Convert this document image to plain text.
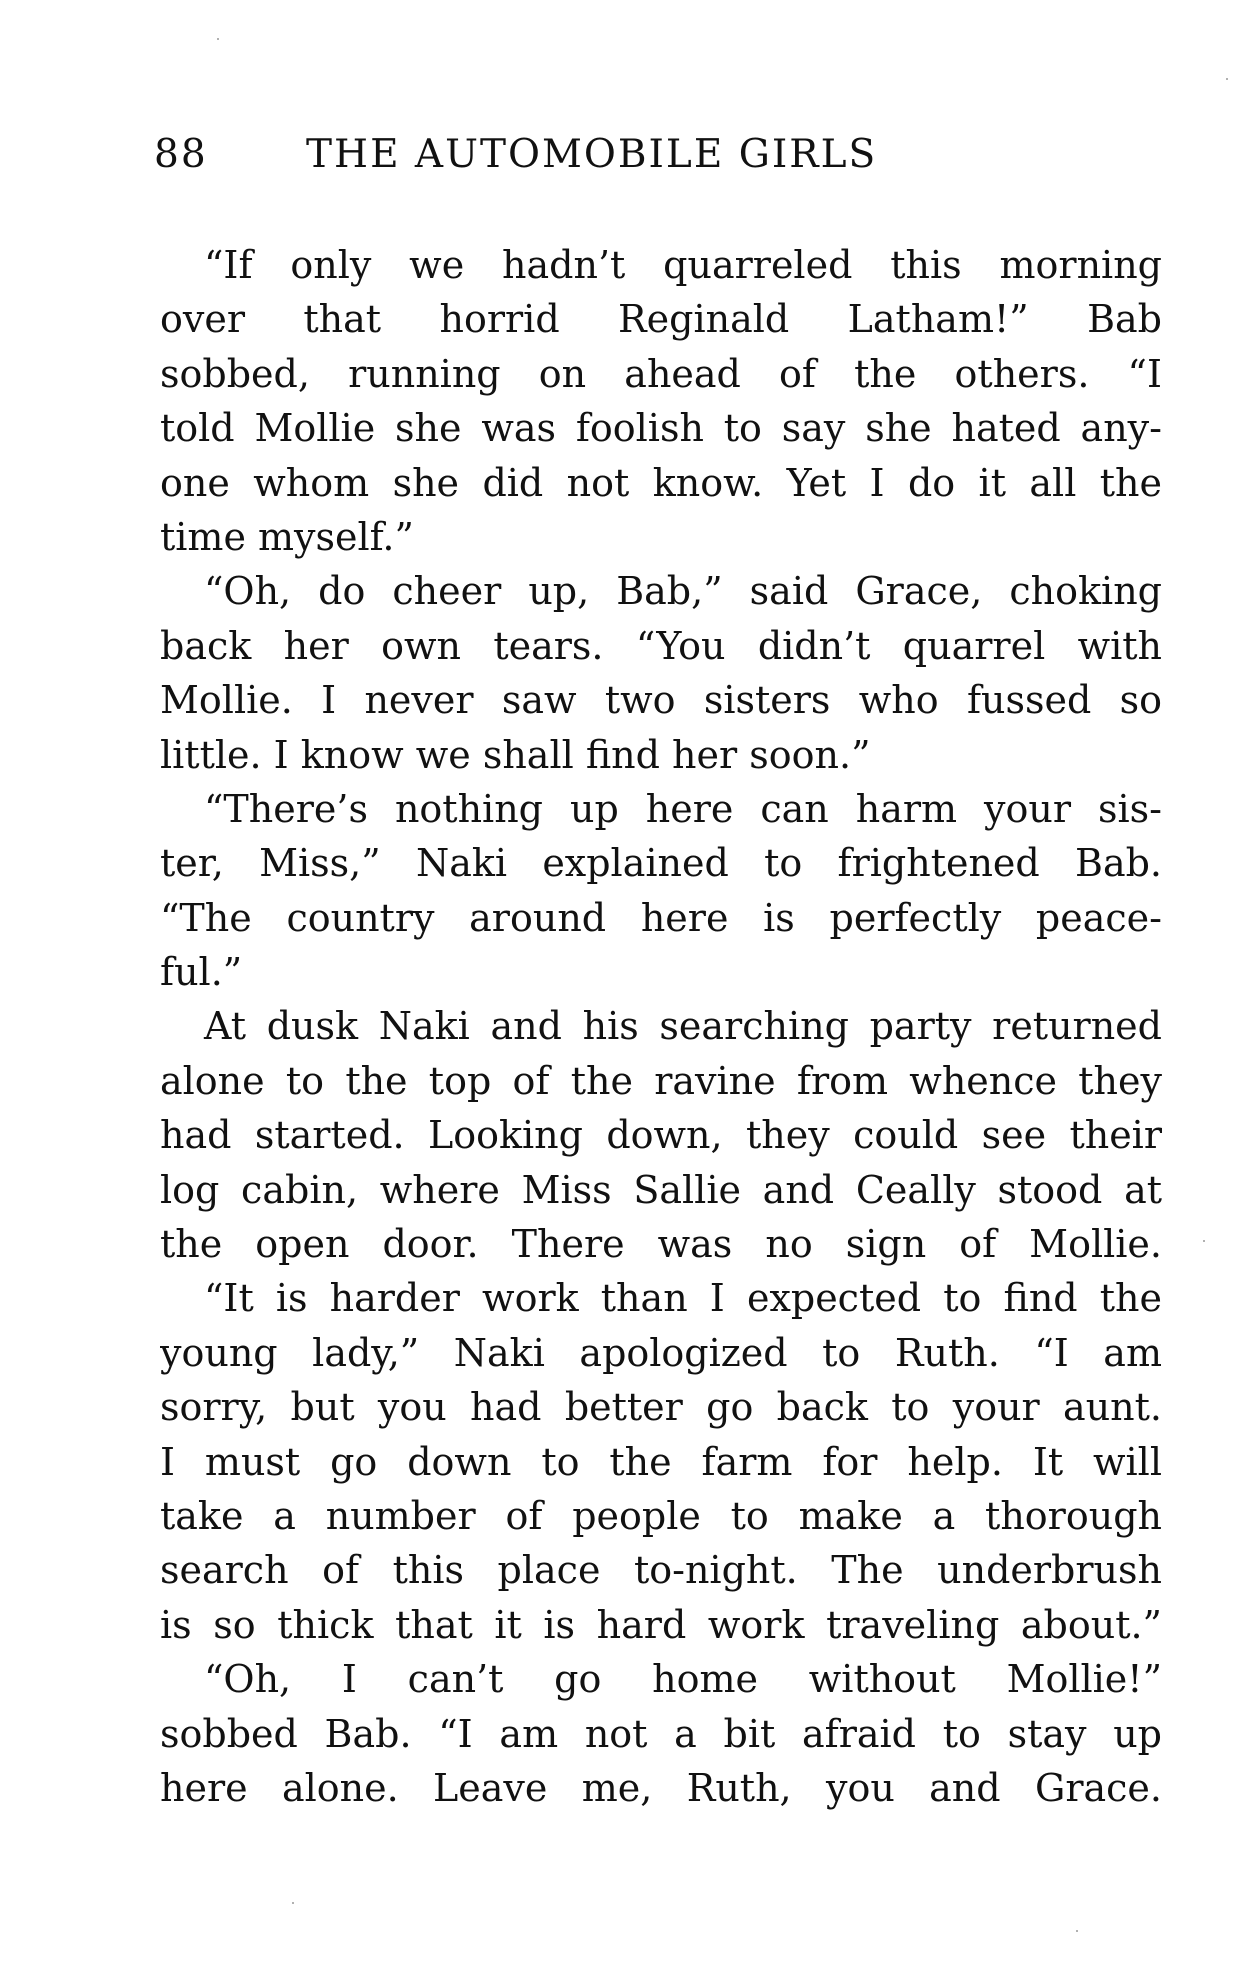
88	THE AUTOMOBILE GIRLS
“If only we hadn’t quarreled this morning
over that horrid Reginald Latham!” Bab
sobbed, running on ahead of the others. “I
told Mollie she was foolish to say she hated any-
one whom she did not know. Yet I do it all the
time myself.”
“Oh, do cheer up, Bab,” said Grace, choking
back her own tears. “You didn’t quarrel with
Mollie. I never saw two sisters who fussed so
little. I know we shall find her soon.”
“There’s nothing up here can harm your sis-
ter, Miss,” Naki explained to frightened Bab.
“The country around here is perfectly peace-
ful.”
At dusk Naki and his searching party returned
alone to the top of the ravine from whence they
had started. Looking down, they could see their
log cabin, where Miss Sallie and Ceally stood at
the open door. There was no sign of Mollie.
“It is harder work than I expected to find the
young lady,” Naki apologized to Ruth. “I am
sorry, but you had better go back to your aunt.
I must go down to the farm for help. It will
take a number of people to make a thorough
search of this place to-night. The underbrush
is so thick that it is hard work traveling about.”
“Oh, I can’t go home without Mollie!”
sobbed Bab. “I am not a bit afraid to stay up
here alone. Leave me, Ruth, you and Grace.
